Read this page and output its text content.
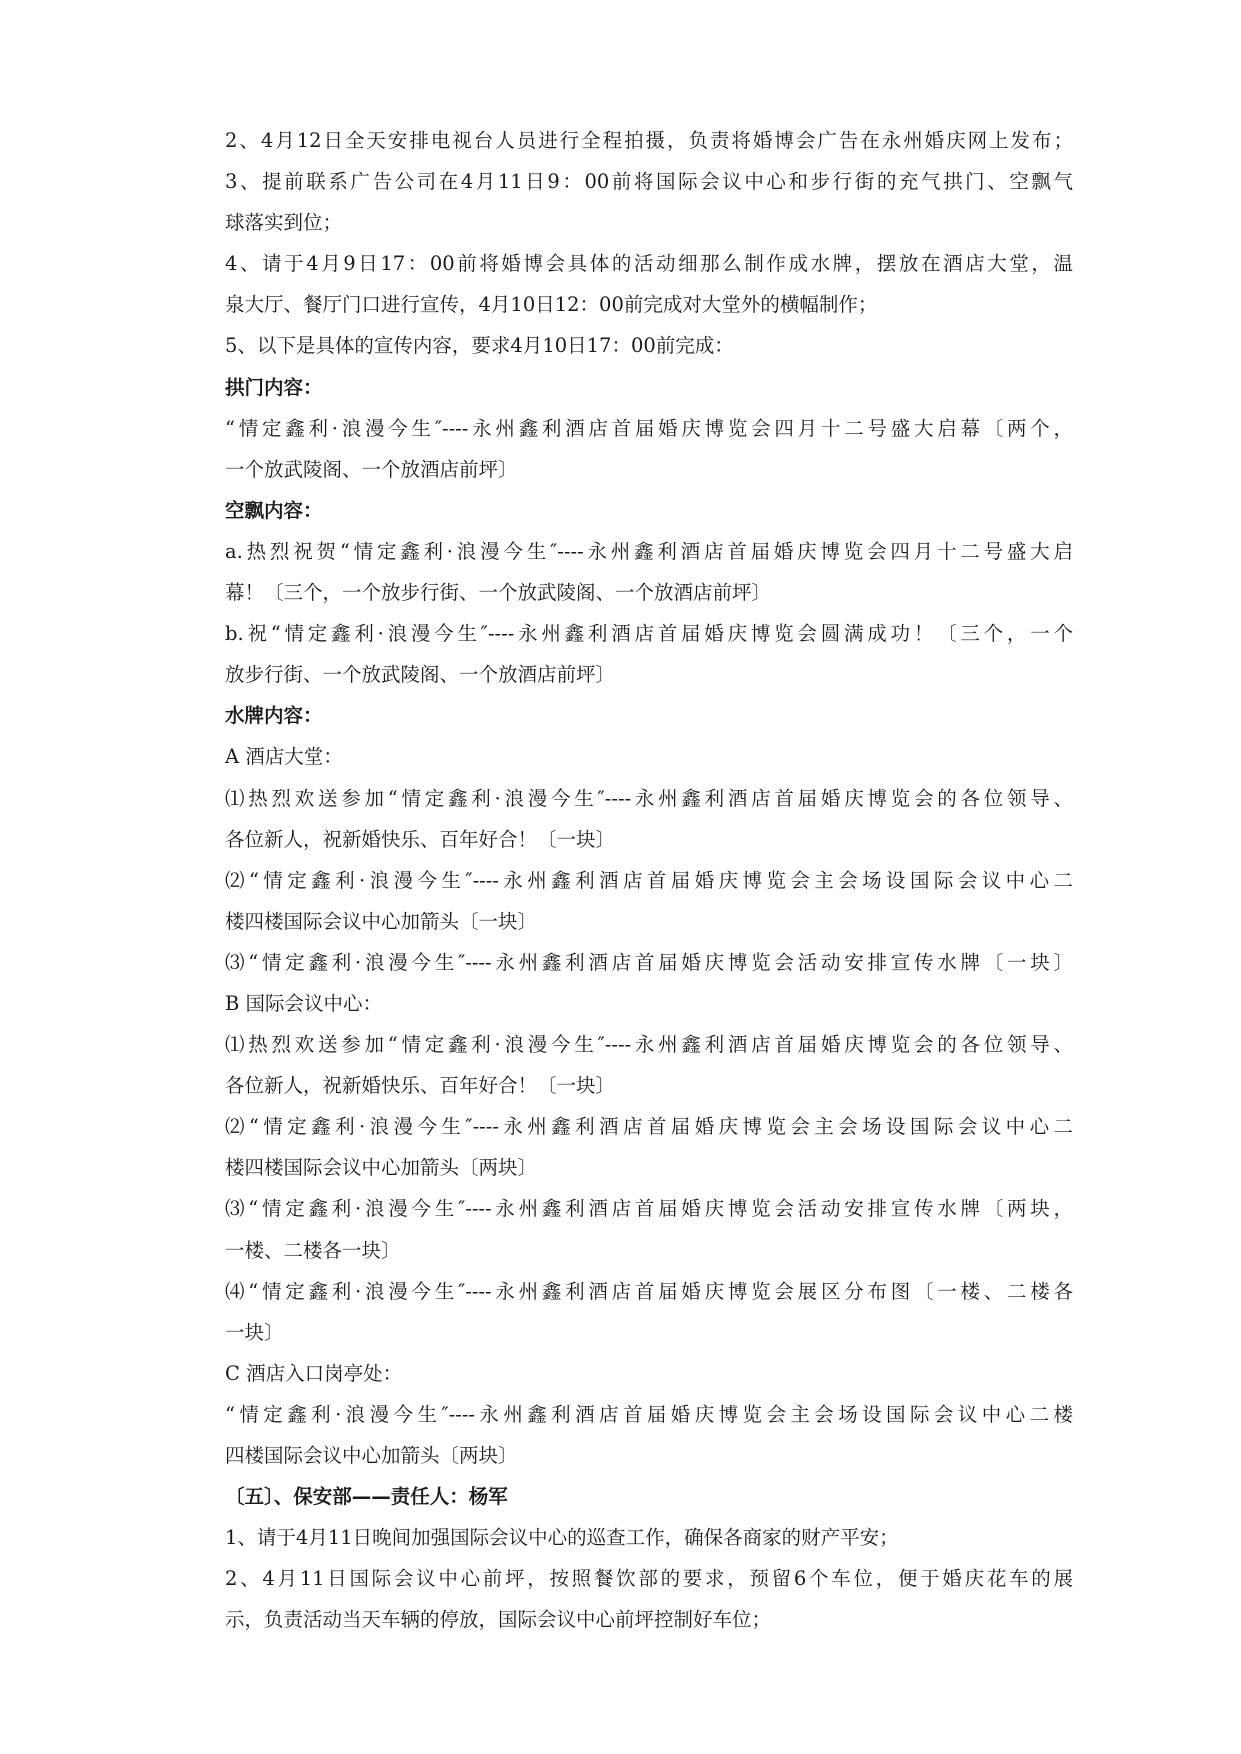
2、4月12日全天安排电视台人员进行全程拍摄，负责将婚博会广告在永州婚庆网上发布；
3、提前联系广告公司在4月11日9：00前将国际会议中心和步行街的充气拱门、空飘气
球落实到位；
4、请于4月9日17：00前将婚博会具体的活动细那么制作成水牌，摆放在酒店大堂，温
泉大厅、餐厅门口进行宣传，4月10日12：00前完成对大堂外的横幅制作；
5、以下是具体的宣传内容，要求4月10日17：00前完成：
拱门内容：
“情定鑫利·浪漫今生″----永州鑫利酒店首届婚庆博览会四月十二号盛大启幕〔两个，
一个放武陵阁、一个放酒店前坪〕
空飘内容：
a.热烈祝贺“情定鑫利·浪漫今生″----永州鑫利酒店首届婚庆博览会四月十二号盛大启
幕！〔三个，一个放步行街、一个放武陵阁、一个放酒店前坪〕
b.祝“情定鑫利·浪漫今生″----永州鑫利酒店首届婚庆博览会圆满成功！〔三个，一个
放步行街、一个放武陵阁、一个放酒店前坪〕
水牌内容：
A 酒店大堂：
⑴热烈欢送参加“情定鑫利·浪漫今生″----永州鑫利酒店首届婚庆博览会的各位领导、
各位新人，祝新婚快乐、百年好合！〔一块〕
⑵“情定鑫利·浪漫今生″----永州鑫利酒店首届婚庆博览会主会场设国际会议中心二
楼四楼国际会议中心加箭头〔一块〕
⑶“情定鑫利·浪漫今生″----永州鑫利酒店首届婚庆博览会活动安排宣传水牌〔一块〕
B 国际会议中心：
⑴热烈欢送参加“情定鑫利·浪漫今生″----永州鑫利酒店首届婚庆博览会的各位领导、
各位新人，祝新婚快乐、百年好合！〔一块〕
⑵“情定鑫利·浪漫今生″----永州鑫利酒店首届婚庆博览会主会场设国际会议中心二
楼四楼国际会议中心加箭头〔两块〕
⑶“情定鑫利·浪漫今生″----永州鑫利酒店首届婚庆博览会活动安排宣传水牌〔两块，
一楼、二楼各一块〕
⑷“情定鑫利·浪漫今生″----永州鑫利酒店首届婚庆博览会展区分布图〔一楼、二楼各
一块〕
C 酒店入口岗亭处：
“情定鑫利·浪漫今生″----永州鑫利酒店首届婚庆博览会主会场设国际会议中心二楼
四楼国际会议中心加箭头〔两块〕
〔五〕、保安部——责任人：杨军
1、请于4月11日晚间加强国际会议中心的巡查工作，确保各商家的财产平安；
2、4月11日国际会议中心前坪，按照餐饮部的要求，预留6个车位，便于婚庆花车的展
示，负责活动当天车辆的停放，国际会议中心前坪控制好车位；
